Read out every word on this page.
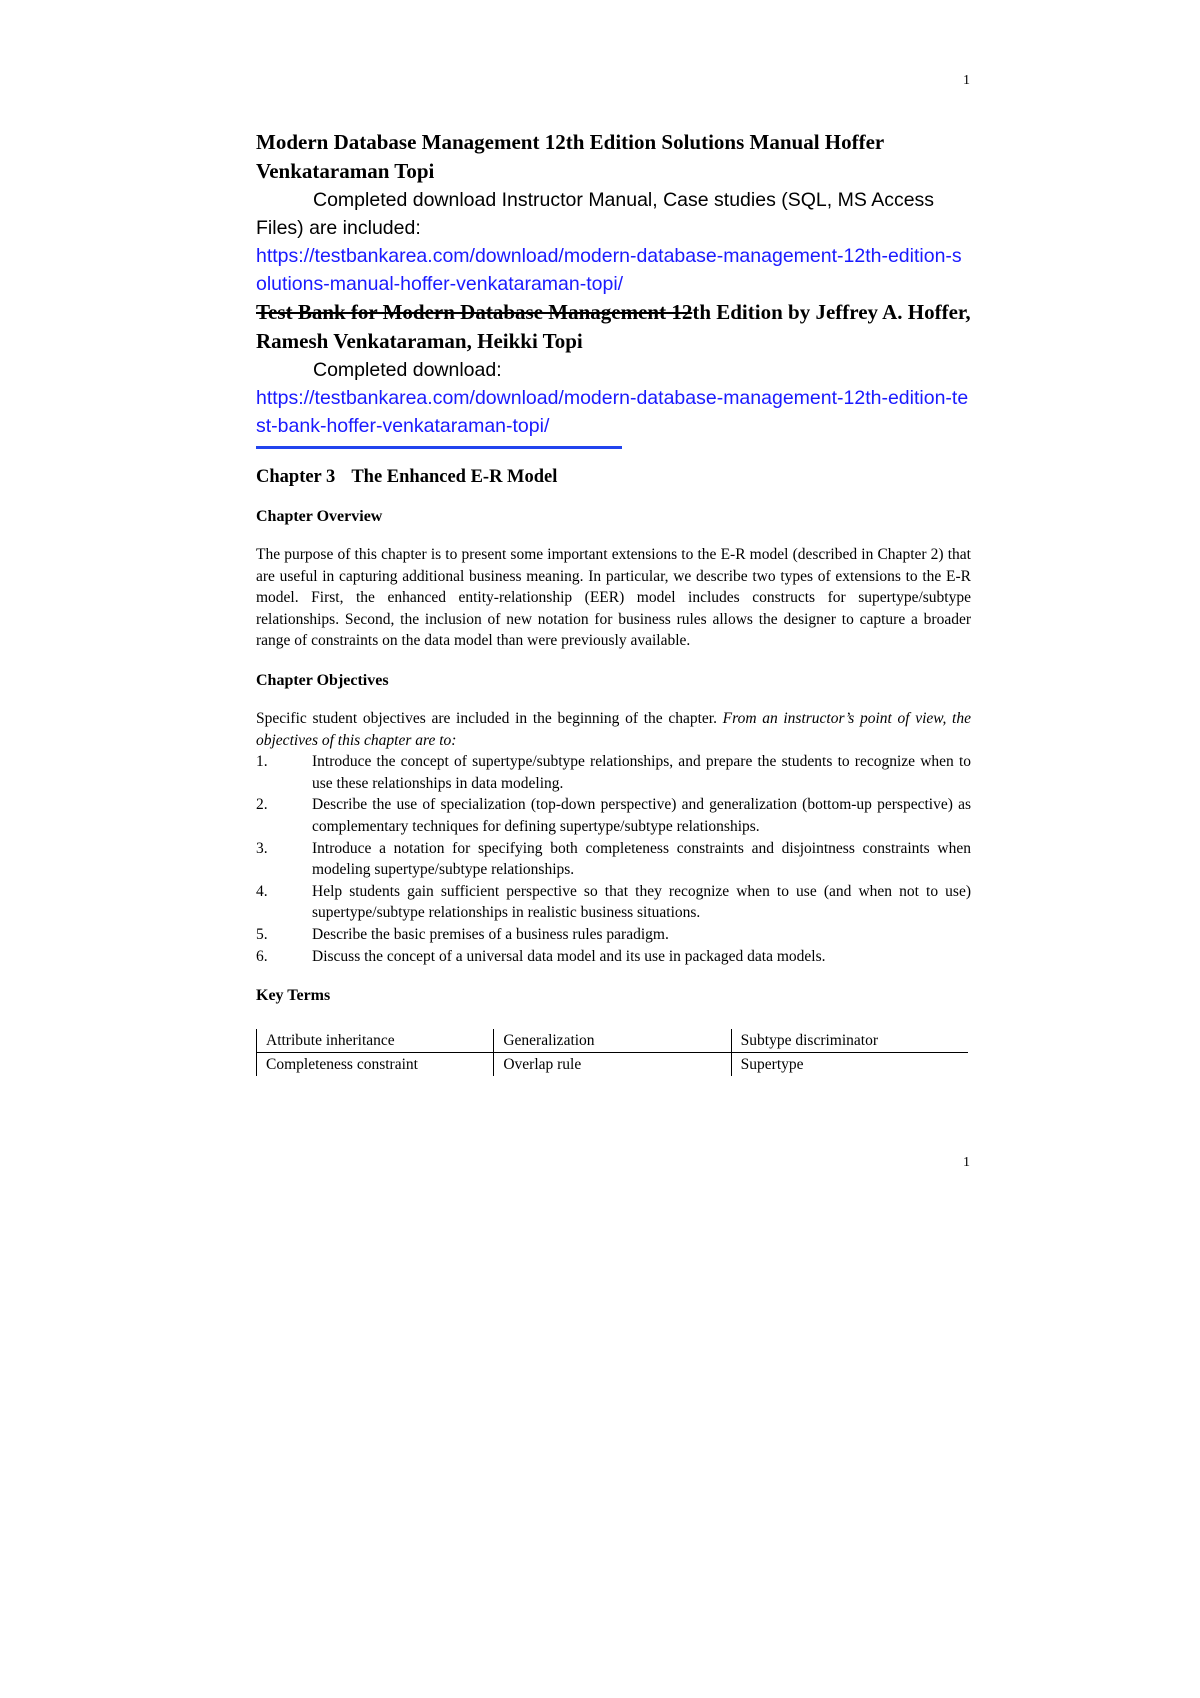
1
Modern Database Management 12th Edition Solutions Manual Hoffer Venkataraman Topi

Completed download Instructor Manual, Case studies (SQL, MS Access Files) are included:

https://testbankarea.com/download/modern-database-management-12th-edition-solutions-manual-hoffer-venkataraman-topi/
Test Bank for Modern Database Management 12th Edition by Jeffrey A. Hoffer, Ramesh Venkataraman, Heikki Topi

Completed download:

https://testbankarea.com/download/modern-database-management-12th-edition-test-bank-hoffer-venkataraman-topi/
Chapter 3 The Enhanced E-R Model
Chapter Overview

The purpose of this chapter is to present some important extensions to the E-R model (described in Chapter 2) that are useful in capturing additional business meaning. In particular, we describe two types of extensions to the E-R model. First, the enhanced entity-relationship (EER) model includes constructs for supertype/subtype relationships. Second, the inclusion of new notation for business rules allows the designer to capture a broader range of constraints on the data model than were previously available.

Chapter Objectives

Specific student objectives are included in the beginning of the chapter. From an instructor’s point of view, the objectives of this chapter are to:

1.	Introduce the concept of supertype/subtype relationships, and prepare the students to recognize when to use these relationships in data modeling.
2.	Describe the use of specialization (top-down perspective) and generalization (bottom-up perspective) as complementary techniques for defining supertype/subtype relationships.
3.	Introduce a notation for specifying both completeness constraints and disjointness constraints when modeling supertype/subtype relationships.
4.	Help students gain sufficient perspective so that they recognize when to use (and when not to use) supertype/subtype relationships in realistic business situations.
5.	Describe the basic premises of a business rules paradigm.
6.	Discuss the concept of a universal data model and its use in packaged data models.
Key Terms
Attribute inheritance	Generalization	Subtype discriminator
Completeness constraint	Overlap rule	Supertype
1
